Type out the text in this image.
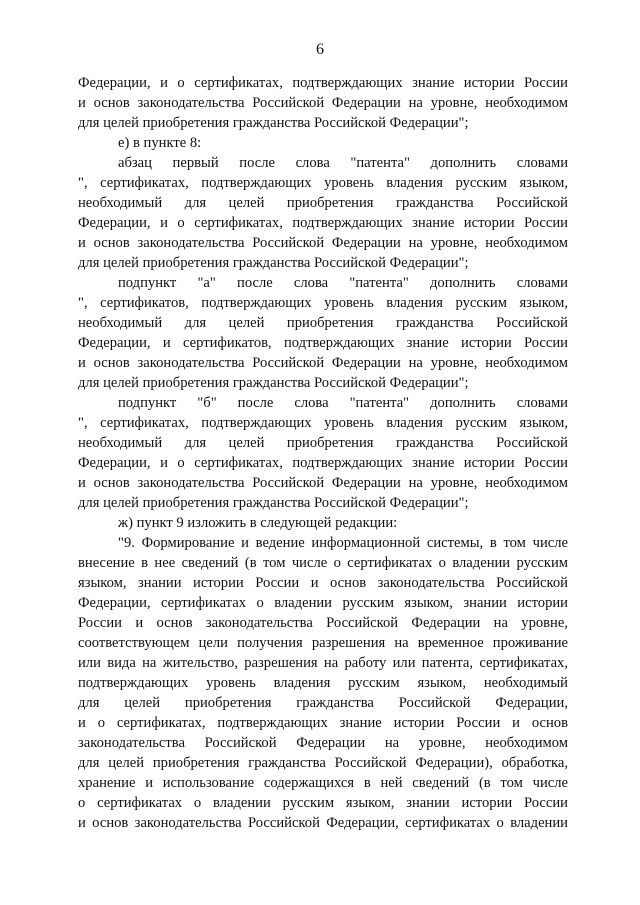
6
Федерации, и о сертификатах, подтверждающих знание истории России
и основ законодательства Российской Федерации на уровне, необходимом
для целей приобретения гражданства Российской Федерации";
е) в пункте 8:
абзац первый после слова "патента" дополнить словами
", сертификатах, подтверждающих уровень владения русским языком,
необходимый для целей приобретения гражданства Российской
Федерации, и о сертификатах, подтверждающих знание истории России
и основ законодательства Российской Федерации на уровне, необходимом
для целей приобретения гражданства Российской Федерации";
подпункт "а" после слова "патента" дополнить словами
", сертификатов, подтверждающих уровень владения русским языком,
необходимый для целей приобретения гражданства Российской
Федерации, и сертификатов, подтверждающих знание истории России
и основ законодательства Российской Федерации на уровне, необходимом
для целей приобретения гражданства Российской Федерации";
подпункт "б" после слова "патента" дополнить словами
", сертификатах, подтверждающих уровень владения русским языком,
необходимый для целей приобретения гражданства Российской
Федерации, и о сертификатах, подтверждающих знание истории России
и основ законодательства Российской Федерации на уровне, необходимом
для целей приобретения гражданства Российской Федерации";
ж) пункт 9 изложить в следующей редакции:
"9. Формирование и ведение информационной системы, в том числе
внесение в нее сведений (в том числе о сертификатах о владении русским
языком, знании истории России и основ законодательства Российской
Федерации, сертификатах о владении русским языком, знании истории
России и основ законодательства Российской Федерации на уровне,
соответствующем цели получения разрешения на временное проживание
или вида на жительство, разрешения на работу или патента, сертификатах,
подтверждающих уровень владения русским языком, необходимый
для целей приобретения гражданства Российской Федерации,
и о сертификатах, подтверждающих знание истории России и основ
законодательства Российской Федерации на уровне, необходимом
для целей приобретения гражданства Российской Федерации), обработка,
хранение и использование содержащихся в ней сведений (в том числе
о сертификатах о владении русским языком, знании истории России
и основ законодательства Российской Федерации, сертификатах о владении
